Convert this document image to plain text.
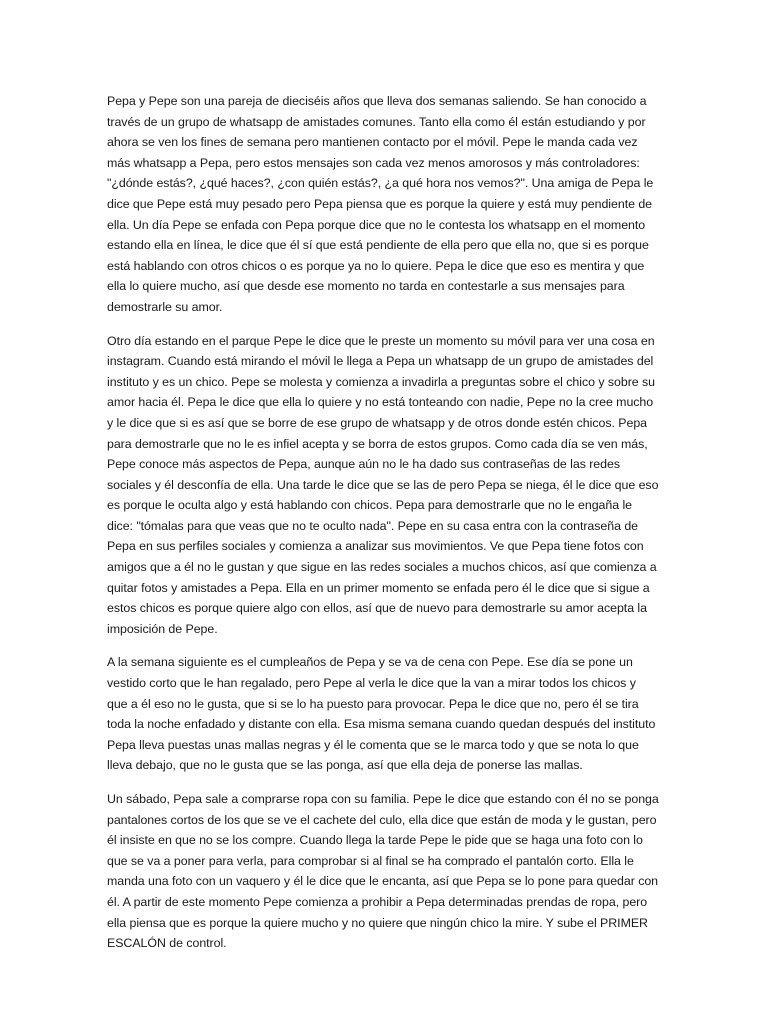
Pepa y Pepe son una pareja de dieciséis años que lleva dos semanas saliendo. Se han conocido a través de un grupo de whatsapp de amistades comunes. Tanto ella como él están estudiando y por ahora se ven los fines de semana pero mantienen contacto por el móvil. Pepe le manda cada vez más whatsapp a Pepa, pero estos mensajes son cada vez menos amorosos y más controladores: "¿dónde estás?, ¿qué haces?, ¿con quién estás?, ¿a qué hora nos vemos?". Una amiga de Pepa le dice que Pepe está muy pesado pero Pepa piensa que es porque la quiere y está muy pendiente de ella. Un día Pepe se enfada con Pepa porque dice que no le contesta los whatsapp en el momento estando ella en línea, le dice que él sí que está pendiente de ella pero que ella no, que si es porque está hablando con otros chicos o es porque ya no lo quiere. Pepa le dice que eso es mentira y que ella lo quiere mucho, así que desde ese momento no tarda en contestarle a sus mensajes para demostrarle su amor.

Otro día estando en el parque Pepe le dice que le preste un momento su móvil para ver una cosa en instagram. Cuando está mirando el móvil le llega a Pepa un whatsapp de un grupo de amistades del instituto y es un chico. Pepe se molesta y comienza a invadirla a preguntas sobre el chico y sobre su amor hacia él. Pepa le dice que ella lo quiere y no está tonteando con nadie, Pepe no la cree mucho y le dice que si es así que se borre de ese grupo de whatsapp y de otros donde estén chicos. Pepa para demostrarle que no le es infiel acepta y se borra de estos grupos. Como cada día se ven más, Pepe conoce más aspectos de Pepa, aunque aún no le ha dado sus contraseñas de las redes sociales y él desconfía de ella. Una tarde le dice que se las de pero Pepa se niega, él le dice que eso es porque le oculta algo y está hablando con chicos. Pepa para demostrarle que no le engaña le dice: "tómalas para que veas que no te oculto nada". Pepe en su casa entra con la contraseña de Pepa en sus perfiles sociales y comienza a analizar sus movimientos. Ve que Pepa tiene fotos con amigos que a él no le gustan y que sigue en las redes sociales a muchos chicos, así que comienza a quitar fotos y amistades a Pepa. Ella en un primer momento se enfada pero él le dice que si sigue a estos chicos es porque quiere algo con ellos, así que de nuevo para demostrarle su amor acepta la imposición de Pepe.

A la semana siguiente es el cumpleaños de Pepa y se va de cena con Pepe. Ese día se pone un vestido corto que le han regalado, pero Pepe al verla le dice que la van a mirar todos los chicos y que a él eso no le gusta, que si se lo ha puesto para provocar. Pepa le dice que no, pero él se tira toda la noche enfadado y distante con ella. Esa misma semana cuando quedan después del instituto Pepa lleva puestas unas mallas negras y él le comenta que se le marca todo y que se nota lo que lleva debajo, que no le gusta que se las ponga, así que ella deja de ponerse las mallas.

Un sábado, Pepa sale a comprarse ropa con su familia. Pepe le dice que estando con él no se ponga pantalones cortos de los que se ve el cachete del culo, ella dice que están de moda y le gustan, pero él insiste en que no se los compre. Cuando llega la tarde Pepe le pide que se haga una foto con lo que se va a poner para verla, para comprobar si al final se ha comprado el pantalón corto. Ella le manda una foto con un vaquero y él le dice que le encanta, así que Pepa se lo pone para quedar con él. A partir de este momento Pepe comienza a prohibir a Pepa determinadas prendas de ropa, pero ella piensa que es porque la quiere mucho y no quiere que ningún chico la mire. Y sube el PRIMER ESCALÓN de control.
